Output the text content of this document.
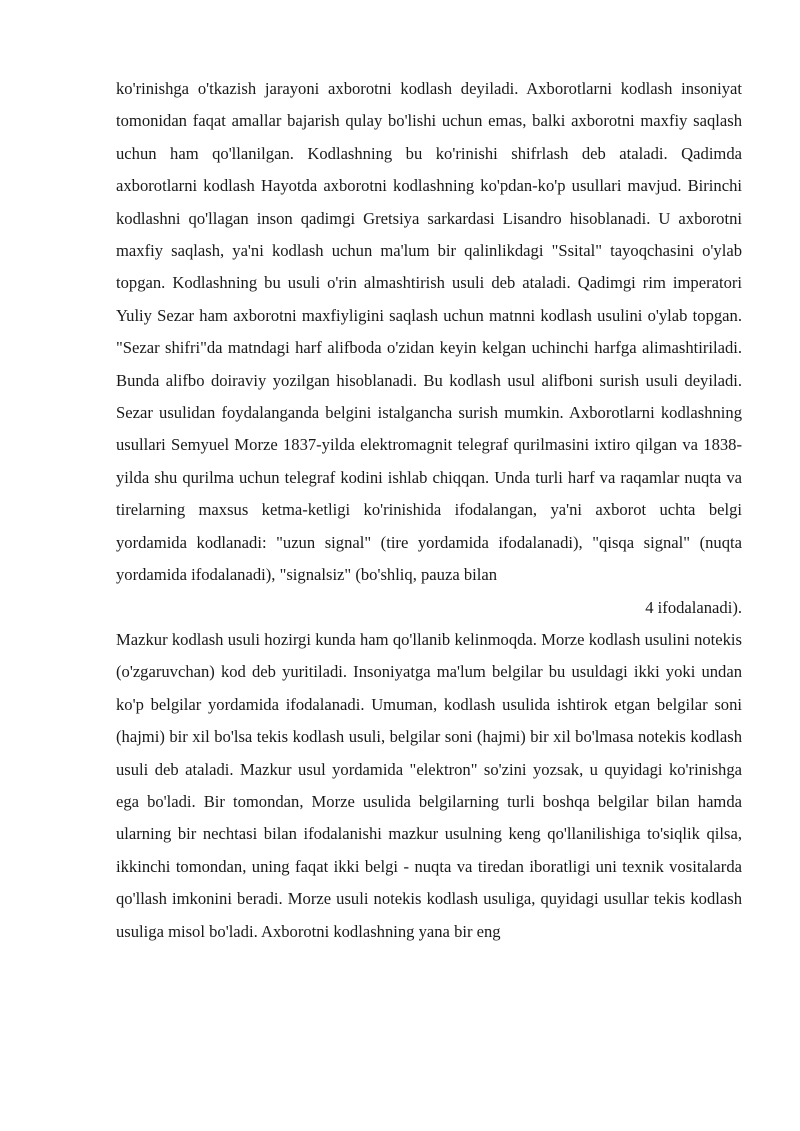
ko'rinishga o'tkazish jarayoni axborotni kodlash deyiladi. Axborotlarni kodlash insoniyat tomonidan faqat amallar bajarish qulay bo'lishi uchun emas, balki axborotni maxfiy saqlash uchun ham qo'llanilgan. Kodlashning bu ko'rinishi shifrlash deb ataladi. Qadimda axborotlarni kodlash Hayotda axborotni kodlashning ko'pdan-ko'p usullari mavjud. Birinchi kodlashni qo'llagan inson qadimgi Gretsiya sarkardasi Lisandro hisoblanadi. U axborotni maxfiy saqlash, ya'ni kodlash uchun ma'lum bir qalinlikdagi "Ssital" tayoqchasini o'ylab topgan. Kodlashning bu usuli o'rin almashtirish usuli deb ataladi. Qadimgi rim imperatori Yuliy Sezar ham axborotni maxfiyligini saqlash uchun matnni kodlash usulini o'ylab topgan. "Sezar shifri"da matndagi harf alifboda o'zidan keyin kelgan uchinchi harfga alimashtiriladi. Bunda alifbo doiraviy yozilgan hisoblanadi. Bu kodlash usul alifboni surish usuli deyiladi. Sezar usulidan foydalanganda belgini istalgancha surish mumkin. Axborotlarni kodlashning usullari Semyuel Morze 1837-yilda elektromagnit telegraf qurilmasini ixtiro qilgan va 1838-yilda shu qurilma uchun telegraf kodini ishlab chiqqan. Unda turli harf va raqamlar nuqta va tirelarning maxsus ketma-ketligi ko'rinishida ifodalangan, ya'ni axborot uchta belgi yordamida kodlanadi: "uzun signal" (tire yordamida ifodalanadi), "qisqa signal" (nuqta yordamida ifodalanadi), "signalsiz" (bo'shliq, pauza bilan

4 ifodalanadi).

Mazkur kodlash usuli hozirgi kunda ham qo'llanib kelinmoqda. Morze kodlash usulini notekis (o'zgaruvchan) kod deb yuritiladi. Insoniyatga ma'lum belgilar bu usuldagi ikki yoki undan ko'p belgilar yordamida ifodalanadi. Umuman, kodlash usulida ishtirok etgan belgilar soni (hajmi) bir xil bo'lsa tekis kodlash usuli, belgilar soni (hajmi) bir xil bo'lmasa notekis kodlash usuli deb ataladi. Mazkur usul yordamida "elektron" so'zini yozsak, u quyidagi ko'rinishga ega bo'ladi. Bir tomondan, Morze usulida belgilarning turli boshqa belgilar bilan hamda ularning bir nechtasi bilan ifodalanishi mazkur usulning keng qo'llanilishiga to'siqlik qilsa, ikkinchi tomondan, uning faqat ikki belgi - nuqta va tiredan iboratligi uni texnik vositalarda qo'llash imkonini beradi. Morze usuli notekis kodlash usuliga, quyidagi usullar tekis kodlash usuliga misol bo'ladi. Axborotni kodlashning yana bir eng
